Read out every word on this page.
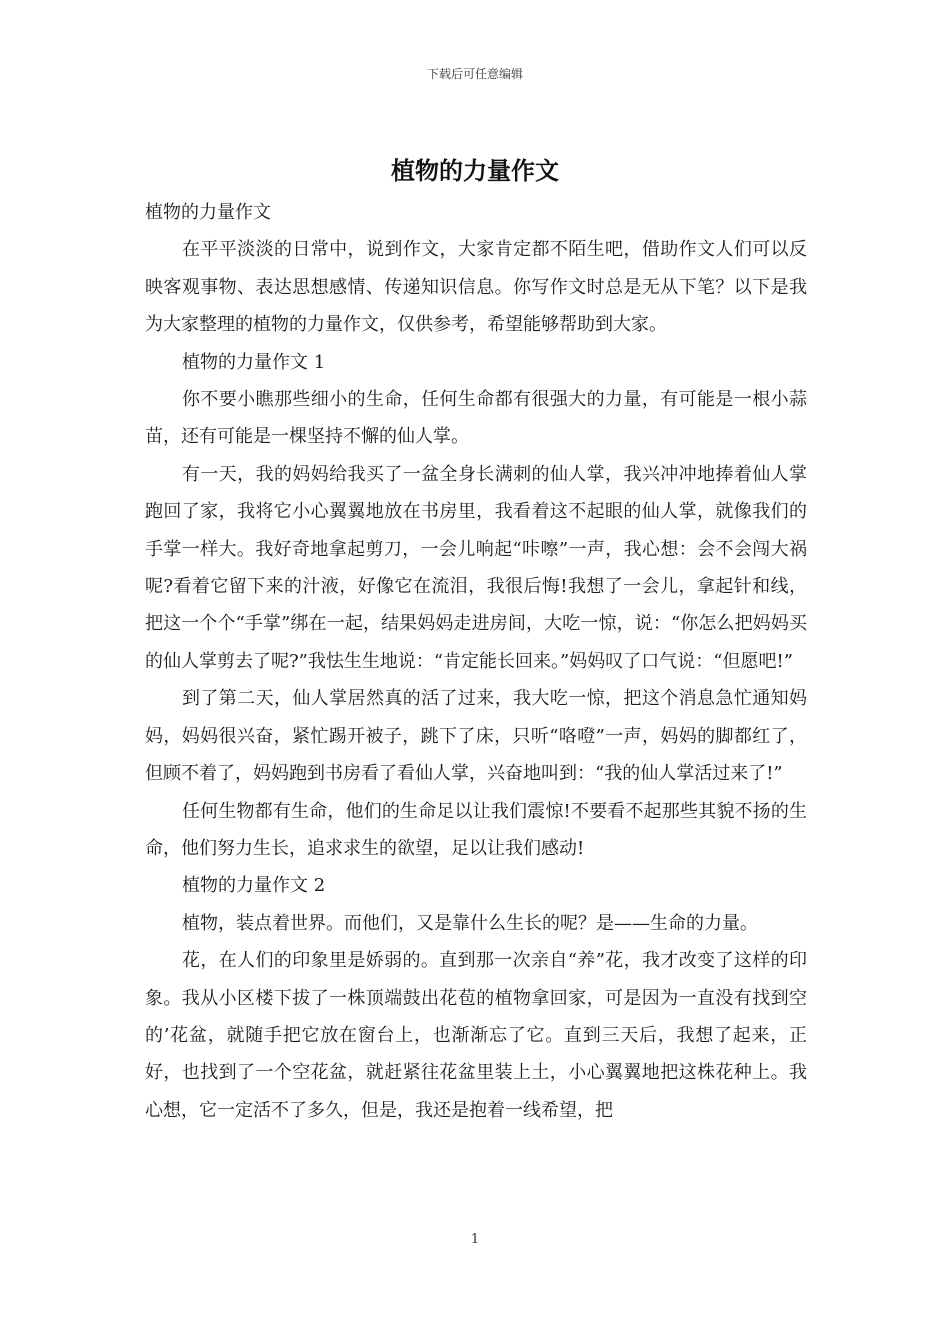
下载后可任意编辑
植物的力量作文

植物的力量作文

在平平淡淡的日常中，说到作文，大家肯定都不陌生吧，借助作文人们可以反映客观事物、表达思想感情、传递知识信息。你写作文时总是无从下笔？以下是我为大家整理的植物的力量作文，仅供参考，希望能够帮助到大家。

植物的力量作文 1

你不要小瞧那些细小的生命，任何生命都有很强大的力量，有可能是一根小蒜苗，还有可能是一棵坚持不懈的仙人掌。

有一天，我的妈妈给我买了一盆全身长满刺的仙人掌，我兴冲冲地捧着仙人掌跑回了家，我将它小心翼翼地放在书房里，我看着这不起眼的仙人掌，就像我们的手掌一样大。我好奇地拿起剪刀，一会儿响起“咔嚓”一声，我心想：会不会闯大祸呢?看着它留下来的汁液，好像它在流泪，我很后悔!我想了一会儿，拿起针和线，把这一个个“手掌”绑在一起，结果妈妈走进房间，大吃一惊，说：“你怎么把妈妈买的仙人掌剪去了呢?”我怯生生地说：“肯定能长回来。”妈妈叹了口气说：“但愿吧!”

到了第二天，仙人掌居然真的活了过来，我大吃一惊，把这个消息急忙通知妈妈，妈妈很兴奋，紧忙踢开被子，跳下了床，只听“咯噔”一声，妈妈的脚都红了，但顾不着了，妈妈跑到书房看了看仙人掌，兴奋地叫到：“我的仙人掌活过来了!”

任何生物都有生命，他们的生命足以让我们震惊!不要看不起那些其貌不扬的生命，他们努力生长，追求求生的欲望，足以让我们感动!

植物的力量作文 2

植物，装点着世界。而他们，又是靠什么生长的呢？是——生命的力量。

花，在人们的印象里是娇弱的。直到那一次亲自“养”花，我才改变了这样的印象。我从小区楼下拔了一株顶端鼓出花苞的植物拿回家，可是因为一直没有找到空的’花盆，就随手把它放在窗台上，也渐渐忘了它。直到三天后，我想了起来，正好，也找到了一个空花盆，就赶紧往花盆里装上土，小心翼翼地把这株花种上。我心想，它一定活不了多久，但是，我还是抱着一线希望，把

1
